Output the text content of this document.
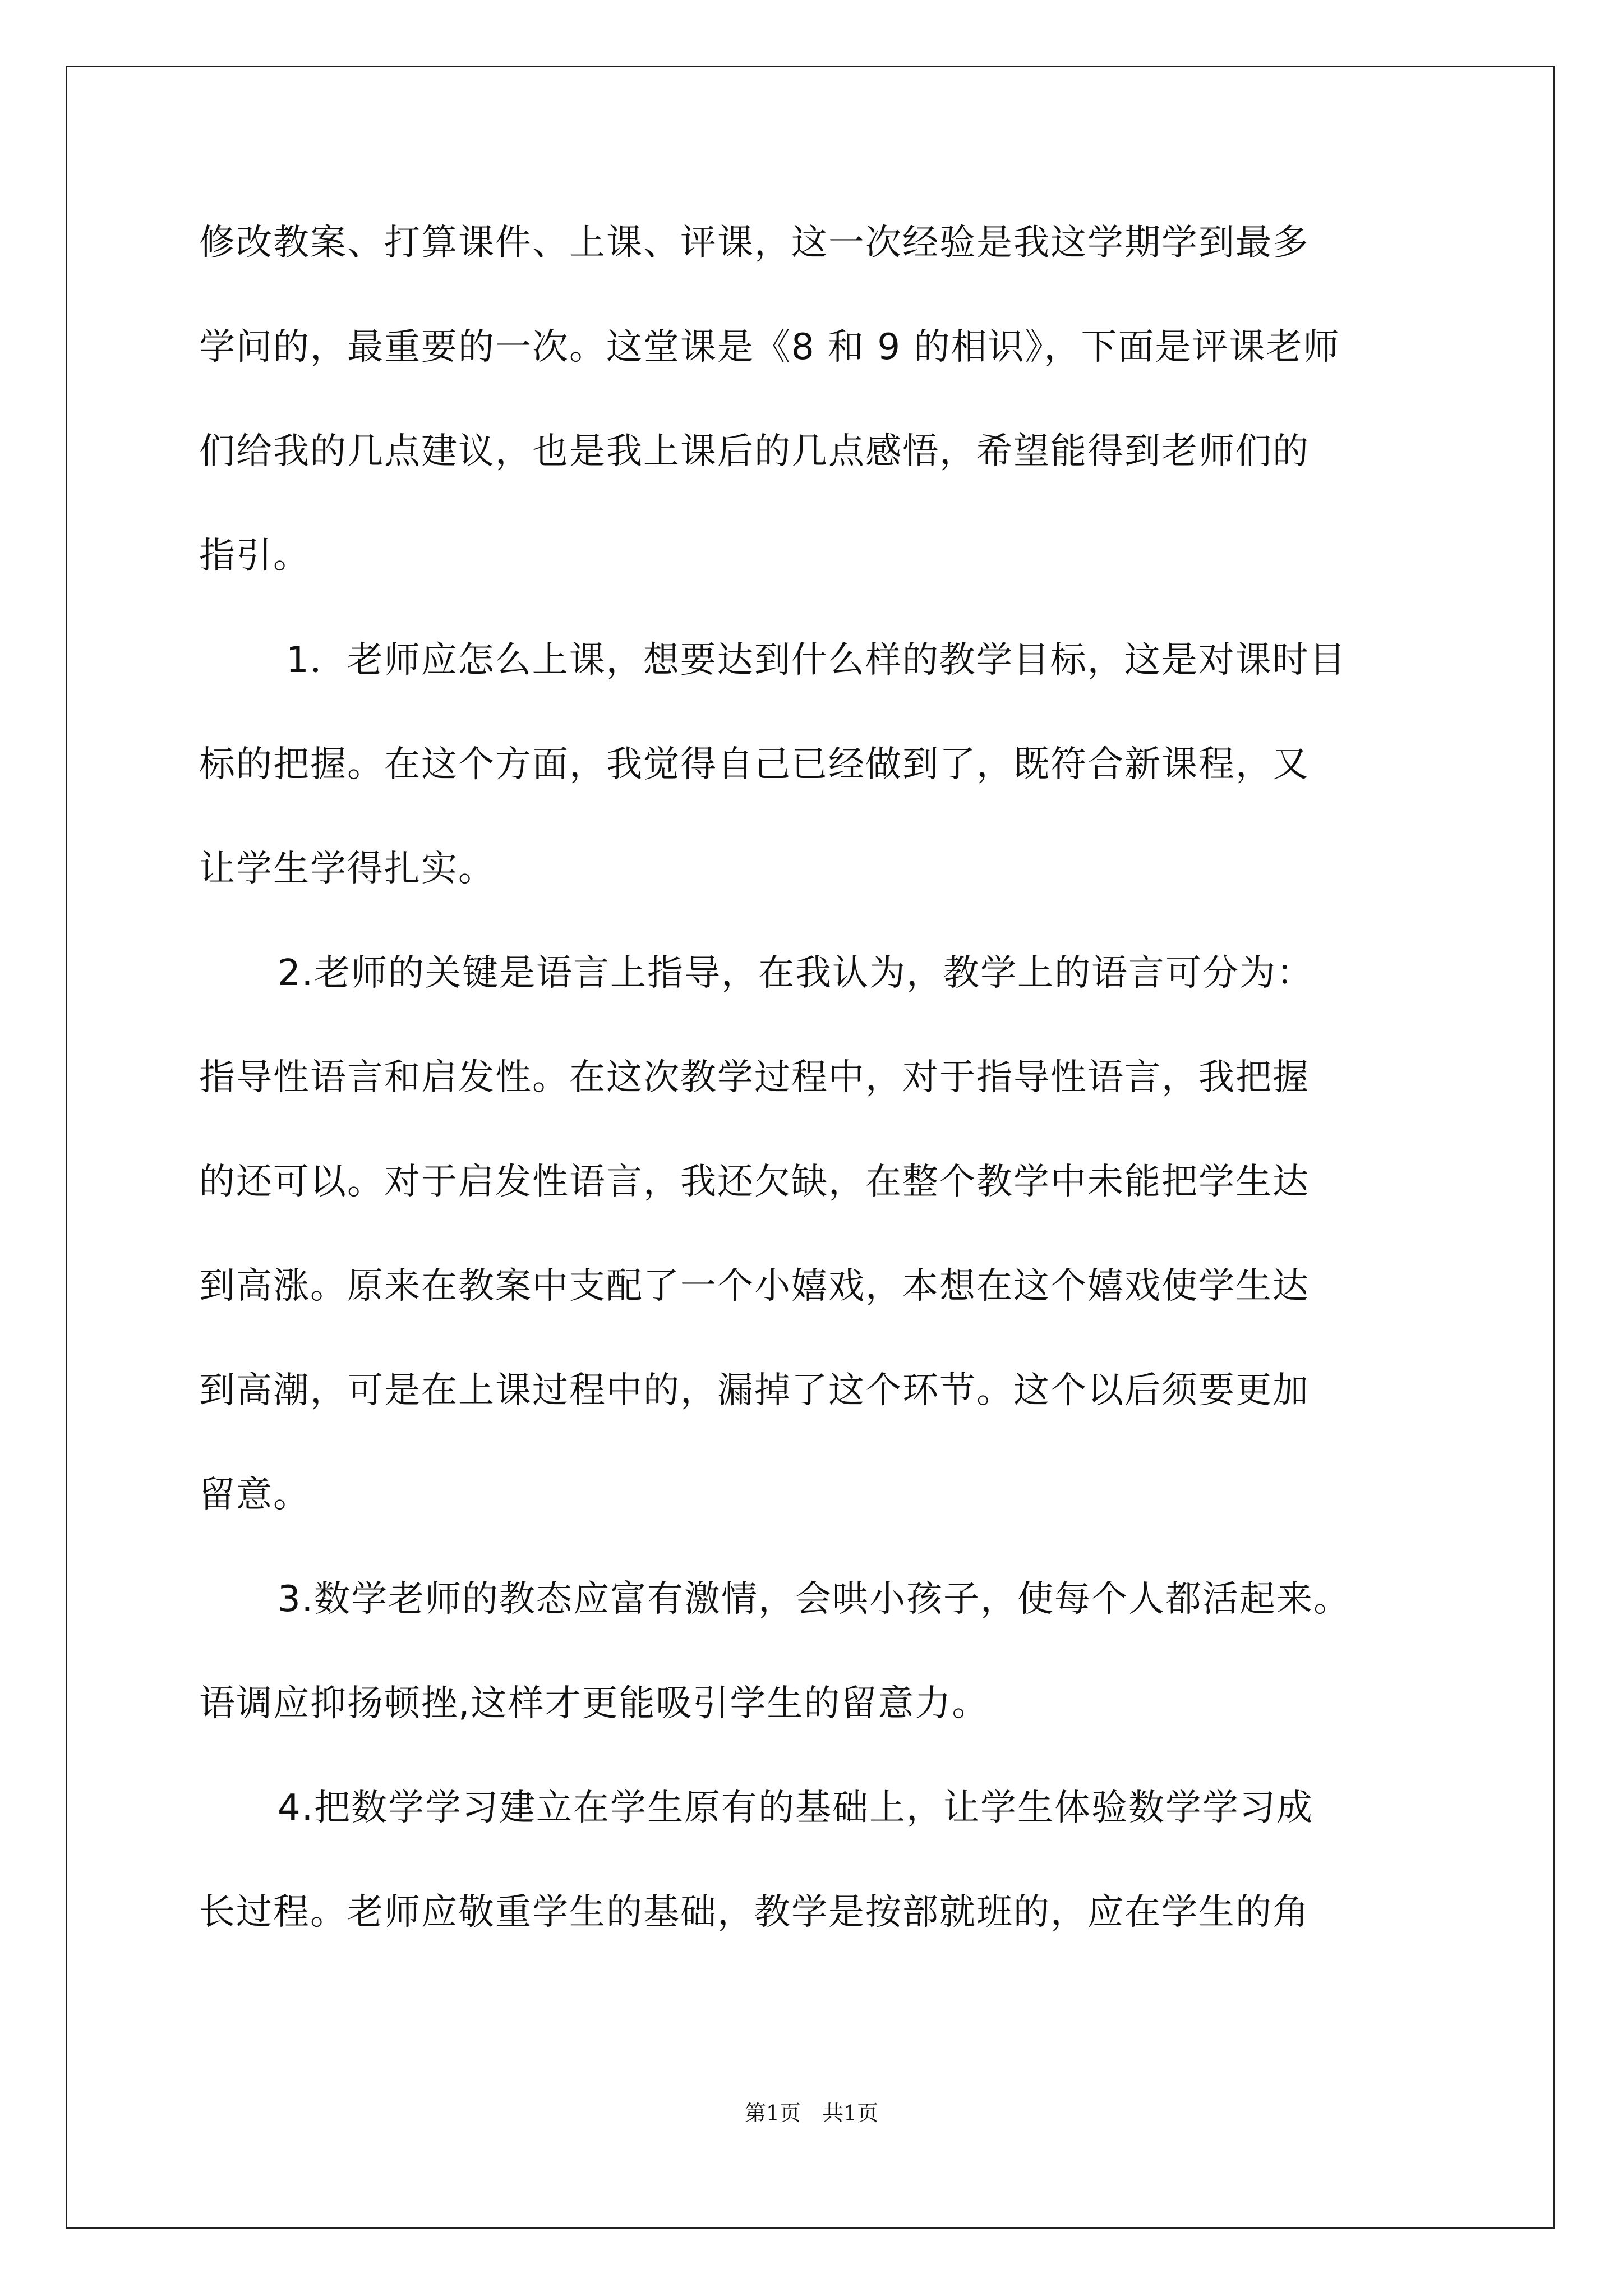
修改教案、打算课件、上课、评课，这一次经验是我这学期学到最多
学问的，最重要的一次。这堂课是《8 和 9 的相识》，下面是评课老师
们给我的几点建议，也是我上课后的几点感悟，希望能得到老师们的
指引。
1．老师应怎么上课，想要达到什么样的教学目标，这是对课时目
标的把握。在这个方面，我觉得自己已经做到了，既符合新课程，又
让学生学得扎实。
2.老师的关键是语言上指导，在我认为，教学上的语言可分为：
指导性语言和启发性。在这次教学过程中，对于指导性语言，我把握
的还可以。对于启发性语言，我还欠缺，在整个教学中未能把学生达
到高涨。原来在教案中支配了一个小嬉戏，本想在这个嬉戏使学生达
到高潮，可是在上课过程中的，漏掉了这个环节。这个以后须要更加
留意。
3.数学老师的教态应富有激情，会哄小孩子，使每个人都活起来。
语调应抑扬顿挫,这样才更能吸引学生的留意力。
4.把数学学习建立在学生原有的基础上，让学生体验数学学习成
长过程。老师应敬重学生的基础，教学是按部就班的，应在学生的角
第1页　共1页
